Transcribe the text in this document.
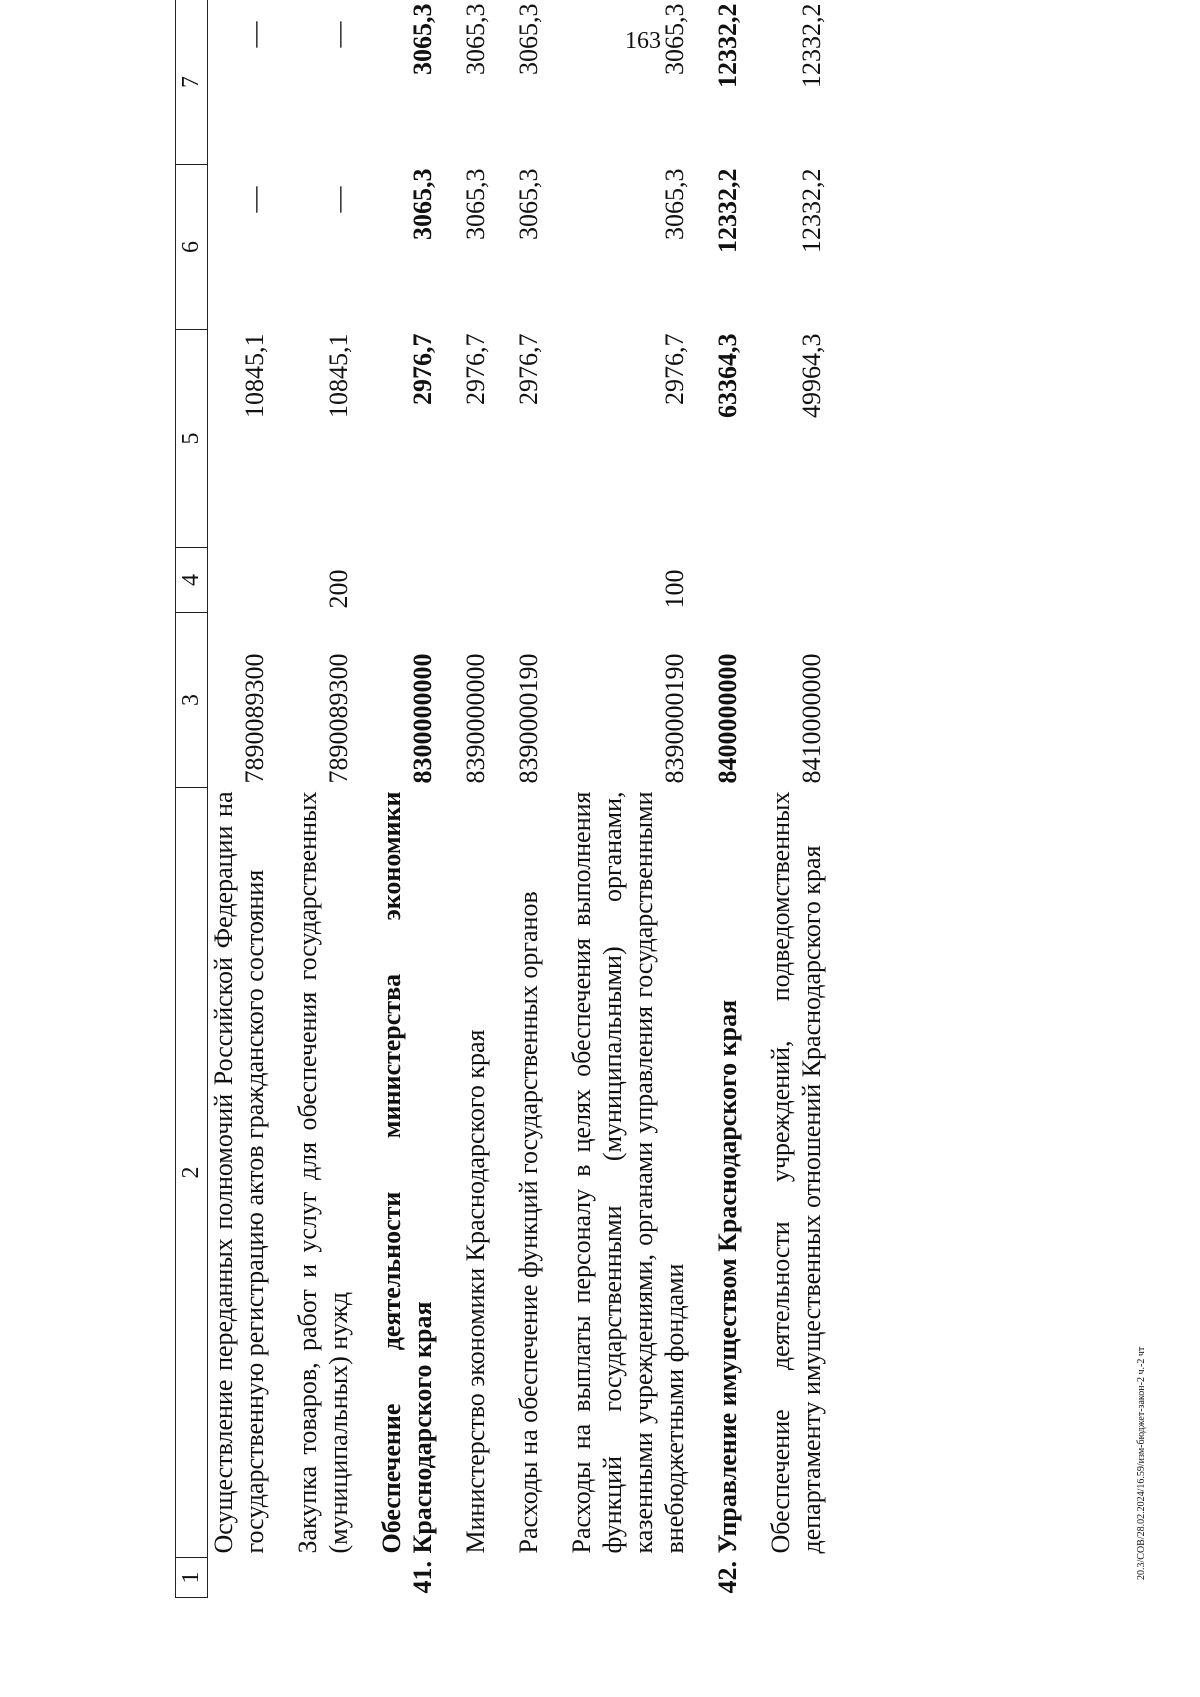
163
1	2	3	4	5	6	7
	Осуществление переданных полномочий Российской Федерации на государственную регистрацию актов гражданского состояния	7890089300		10845,1	—	—
	Закупка товаров, работ и услуг для обеспечения государственных (муниципальных) нужд	7890089300	200	10845,1	—	—
41.	Обеспечение деятельности министерства экономики Краснодарского края	8300000000		2976,7	3065,3	3065,3
	Министерство экономики Краснодарского края	8390000000		2976,7	3065,3	3065,3
	Расходы на обеспечение функций государственных органов	8390000190		2976,7	3065,3	3065,3
	Расходы на выплаты персоналу в целях обеспечения выполнения функций государственными (муниципальными) органами, казенными учреждениями, органами управления государственными внебюджетными фондами	8390000190	100	2976,7	3065,3	3065,3
42.	Управление имуществом Краснодарского края	8400000000		63364,3	12332,2	12332,2
	Обеспечение деятельности учреждений, подведомственных департаменту имущественных отношений Краснодарского края	8410000000		49964,3	12332,2	12332,2
20.3/СОВ/28.02.2024/16.59/изм-бюджет-закон-2 ч.-2 чт
